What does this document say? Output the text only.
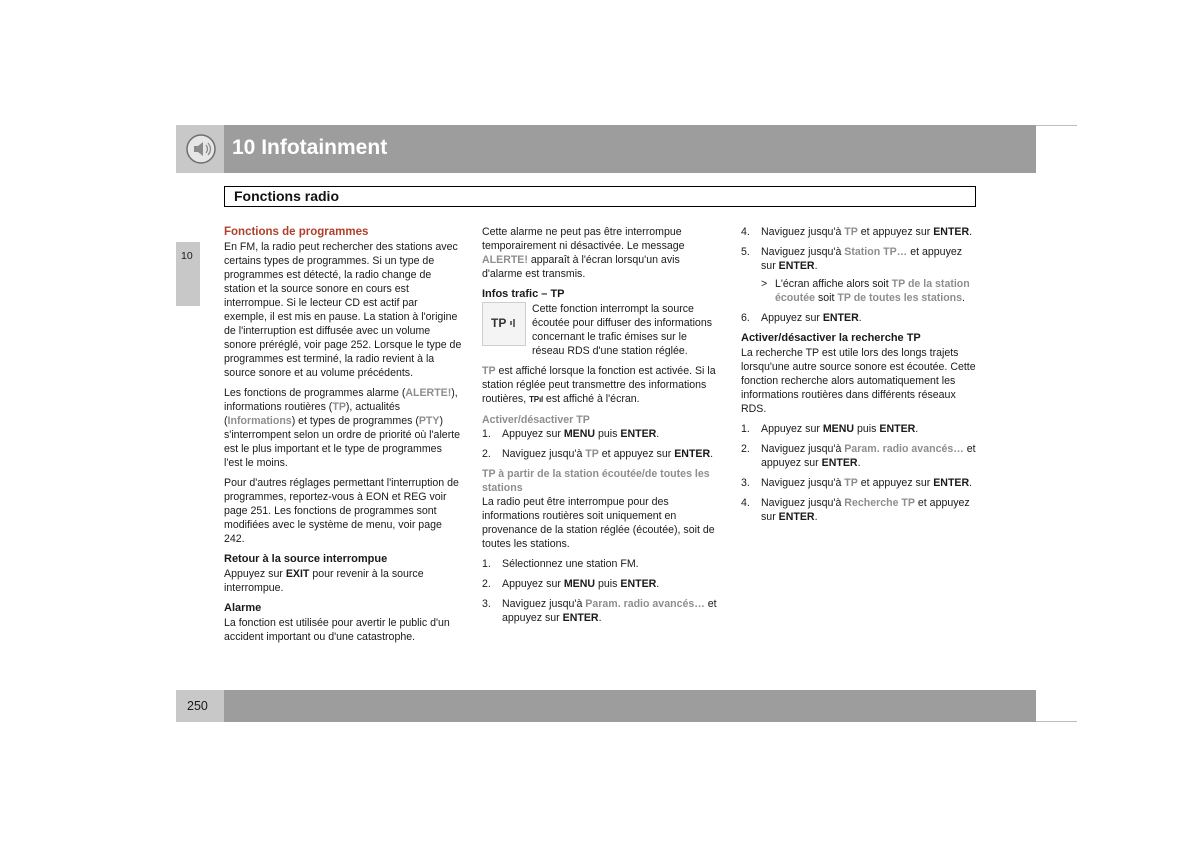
10 Infotainment
Fonctions radio
10
Fonctions de programmes

En FM, la radio peut rechercher des stations avec certains types de programmes. Si un type de programmes est détecté, la radio change de station et la source sonore en cours est interrompue. Si le lecteur CD est actif par exemple, il est mis en pause. La station à l'origine de l'interruption est diffusée avec un volume sonore préréglé, voir page 252. Lorsque le type de programmes est terminé, la radio revient à la source sonore et au volume précédents.

Les fonctions de programmes alarme (ALERTE!), informations routières (TP), actualités (Informations) et types de programmes (PTY) s'interrompent selon un ordre de priorité où l'alerte est le plus important et le type de programmes l'est le moins.

Pour d'autres réglages permettant l'interruption de programmes, reportez-vous à EON et REG voir page 251. Les fonctions de programmes sont modifiées avec le système de menu, voir page 242.

Retour à la source interrompue

Appuyez sur EXIT pour revenir à la source interrompue.

Alarme

La fonction est utilisée pour avertir le public d'un accident important ou d'une catastrophe.

Cette alarme ne peut pas être interrompue temporairement ni désactivée. Le message ALERTE! apparaît à l'écran lorsqu'un avis d'alarme est transmis.

Infos trafic – TP
TP

Cette fonction interrompt la source écoutée pour diffuser des informations concernant le trafic émises sur le réseau RDS d'une station réglée.

TP est affiché lorsque la fonction est activée. Si la station réglée peut transmettre des informations routières, TPıl est affiché à l'écran.

Activer/désactiver TP
1.	Appuyez sur MENU puis ENTER.
2.	Naviguez jusqu'à TP et appuyez sur ENTER.
TP à partir de la station écoutée/de toutes les stations

La radio peut être interrompue pour des informations routières soit uniquement en provenance de la station réglée (écoutée), soit de toutes les stations.

1.	Sélectionnez une station FM.
2.	Appuyez sur MENU puis ENTER.
3.	Naviguez jusqu'à Param. radio avancés… et appuyez sur ENTER.
4.	Naviguez jusqu'à TP et appuyez sur ENTER.
5.	Naviguez jusqu'à Station TP… et appuyez sur ENTER.
> L'écran affiche alors soit TP de la station écoutée soit TP de toutes les stations.
6.	Appuyez sur ENTER.
Activer/désactiver la recherche TP

La recherche TP est utile lors des longs trajets lorsqu'une autre source sonore est écoutée. Cette fonction recherche alors automatiquement les informations routières dans différents réseaux RDS.

1.	Appuyez sur MENU puis ENTER.
2.	Naviguez jusqu'à Param. radio avancés… et appuyez sur ENTER.
3.	Naviguez jusqu'à TP et appuyez sur ENTER.
4.	Naviguez jusqu'à Recherche TP et appuyez sur ENTER.
250
